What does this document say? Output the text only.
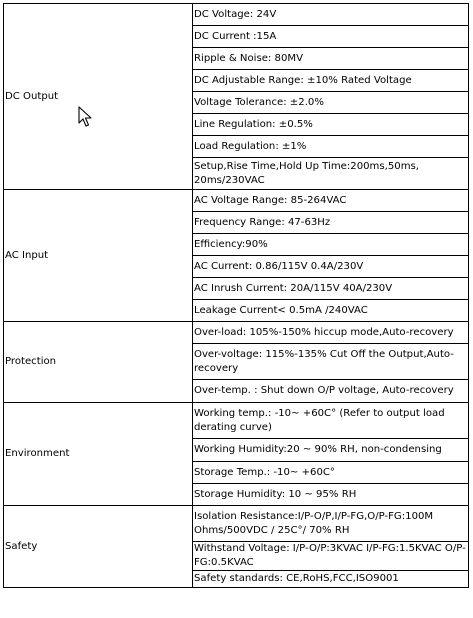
DC Output	DC Voltage: 24V
	DC Current :15A
	Ripple & Noise: 80MV
	DC Adjustable Range: ±10% Rated Voltage
	Voltage Tolerance: ±2.0%
	Line Regulation: ±0.5%
	Load Regulation: ±1%
	Setup,Rise Time,Hold Up Time:200ms,50ms, 20ms/230VAC
AC Input	AC Voltage Range: 85-264VAC
	Frequency Range: 47-63Hz
	Efficiency:90%
	AC Current: 0.86/115V 0.4A/230V
	AC Inrush Current: 20A/115V 40A/230V
	Leakage Current< 0.5mA /240VAC
Protection	Over-load: 105%-150% hiccup mode,Auto-recovery
	Over-voltage: 115%-135% Cut Off the Output,Auto-recovery
	Over-temp. : Shut down O/P voltage, Auto-recovery
Environment	Working temp.: -10~ +60C° (Refer to output load derating curve)
	Working Humidity:20 ~ 90% RH, non-condensing
	Storage Temp.: -10~ +60C°
	Storage Humidity: 10 ~ 95% RH
Safety	Isolation Resistance:I/P-O/P,I/P-FG,O/P-FG:100M Ohms/500VDC / 25C°/ 70% RH
	Withstand Voltage: I/P-O/P:3KVAC I/P-FG:1.5KVAC O/P-FG:0.5KVAC
	Safety standards: CE,RoHS,FCC,ISO9001
